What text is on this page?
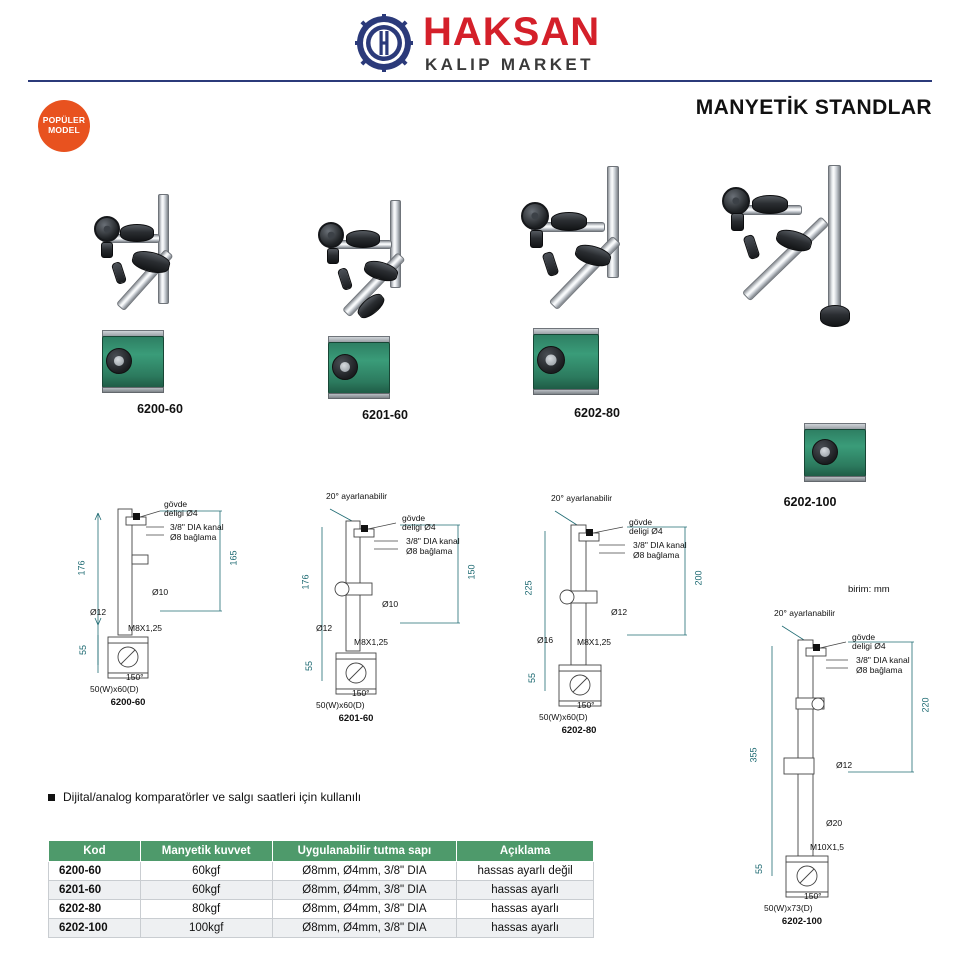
HAKSAN
KALIP MARKET
MANYETİK STANDLAR
POPÜLER
MODEL
6200-60	6201-60	6202-80
6202-100
gövde
deligi Ø4
3/8" DIA kanal
Ø8 bağlama
176
165
55
Ø10
Ø12
M8X1,25
150°
50(W)x60(D)
6200-60
20° ayarlanabilir
gövde
deligi Ø4
3/8" DIA kanal
Ø8 bağlama
176
150
55
Ø10
Ø12
M8X1,25
150°
50(W)x60(D)
6201-60
20° ayarlanabilir
gövde
deligi Ø4
3/8" DIA kanal
Ø8 bağlama
225
200
55
Ø12
Ø16	M8X1,25
150°
50(W)x60(D)
6202-80
birim: mm
20° ayarlanabilir
gövde
deligi Ø4
3/8" DIA kanal
Ø8 bağlama
355
220
55
Ø12
Ø20
M10X1,5
150°
50(W)x73(D)
6202-100
Dijital/analog komparatörler ve salgı saatleri için kullanılı
Kod	Manyetik kuvvet	Uygulanabilir tutma sapı	Açıklama
6200-60	60kgf	Ø8mm, Ø4mm, 3/8" DIA	hassas ayarlı değil
6201-60	60kgf	Ø8mm, Ø4mm, 3/8" DIA	hassas ayarlı
6202-80	80kgf	Ø8mm, Ø4mm, 3/8" DIA	hassas ayarlı
6202-100	100kgf	Ø8mm, Ø4mm, 3/8" DIA	hassas ayarlı
